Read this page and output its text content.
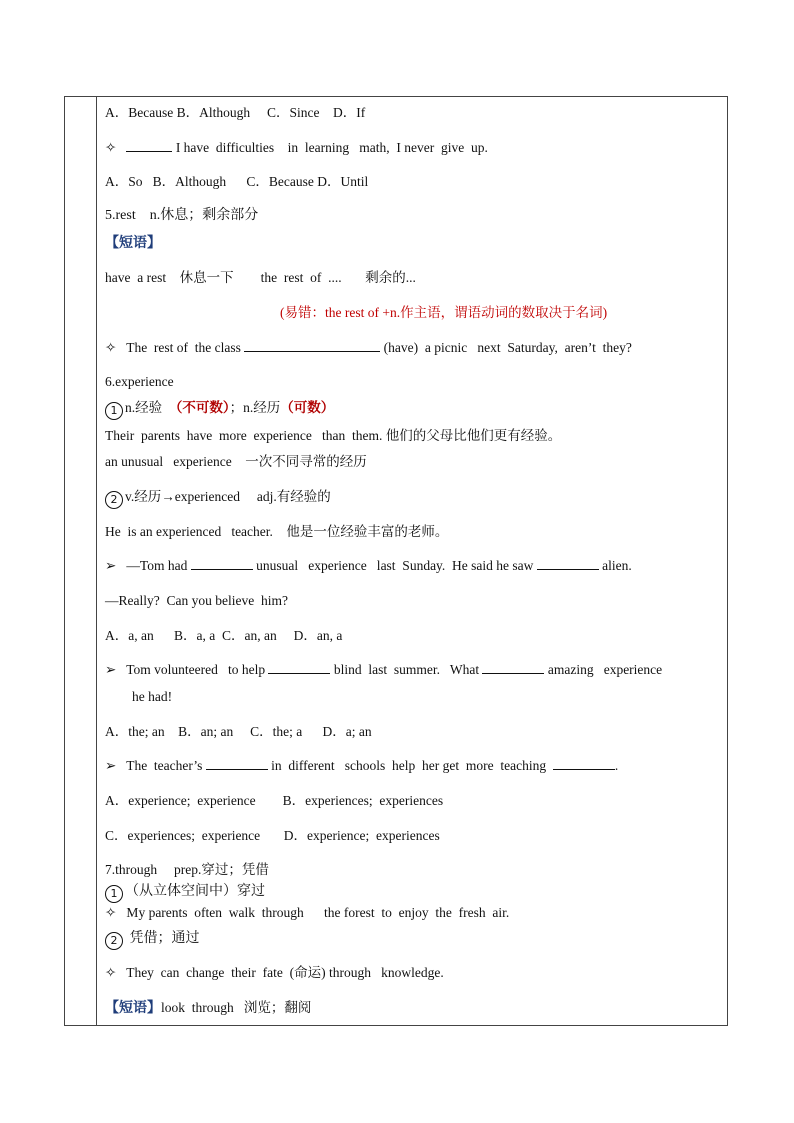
A．Because B．Although     C．Since    D．If
✧	I have  difficulties    in  learning   math,  I never  give  up.
A．So   B．Although      C．Because D．Until
5.rest    n.休息；剩余部分
【短语】
have  a rest    休息一下        the  rest  of  ....       剩余的...
(易错：the rest of +n.作主语，谓语动词的数取决于名词)
✧   The  rest of  the class	(have)  a picnic   next  Saturday,  aren’t  they?
6.experience
1 n.经验  （不可数）；n.经历（可数）
Their  parents  have  more  experience   than  them. 他们的父母比他们更有经验。
an unusual   experience    一次不同寻常的经历
2 v.经历→experienced     adj.有经验的
He  is an experienced   teacher.    他是一位经验丰富的老师。
➢   —Tom had	unusual   experience   last  Sunday.  He said he saw	alien.
—Really?  Can you believe  him?
A．a, an      B．a, a  C．an, an     D．an, a
➢   Tom volunteered   to help	blind  last  summer.   What	amazing   experience
he had!
A．the; an    B．an; an     C．the; a      D．a; an
➢   The  teacher’s	in  different   schools  help  her get  more  teaching	.
A．experience;  experience        B．experiences;  experiences
C．experiences;  experience       D．experience;  experiences
7.through     prep.穿过；凭借
1 （从立体空间中）穿过
✧   My parents  often  walk  through      the forest  to  enjoy  the  fresh  air.
2 凭借；通过
✧   They  can  change  their  fate  (命运) through   knowledge.
【短语】look  through   浏览；翻阅
